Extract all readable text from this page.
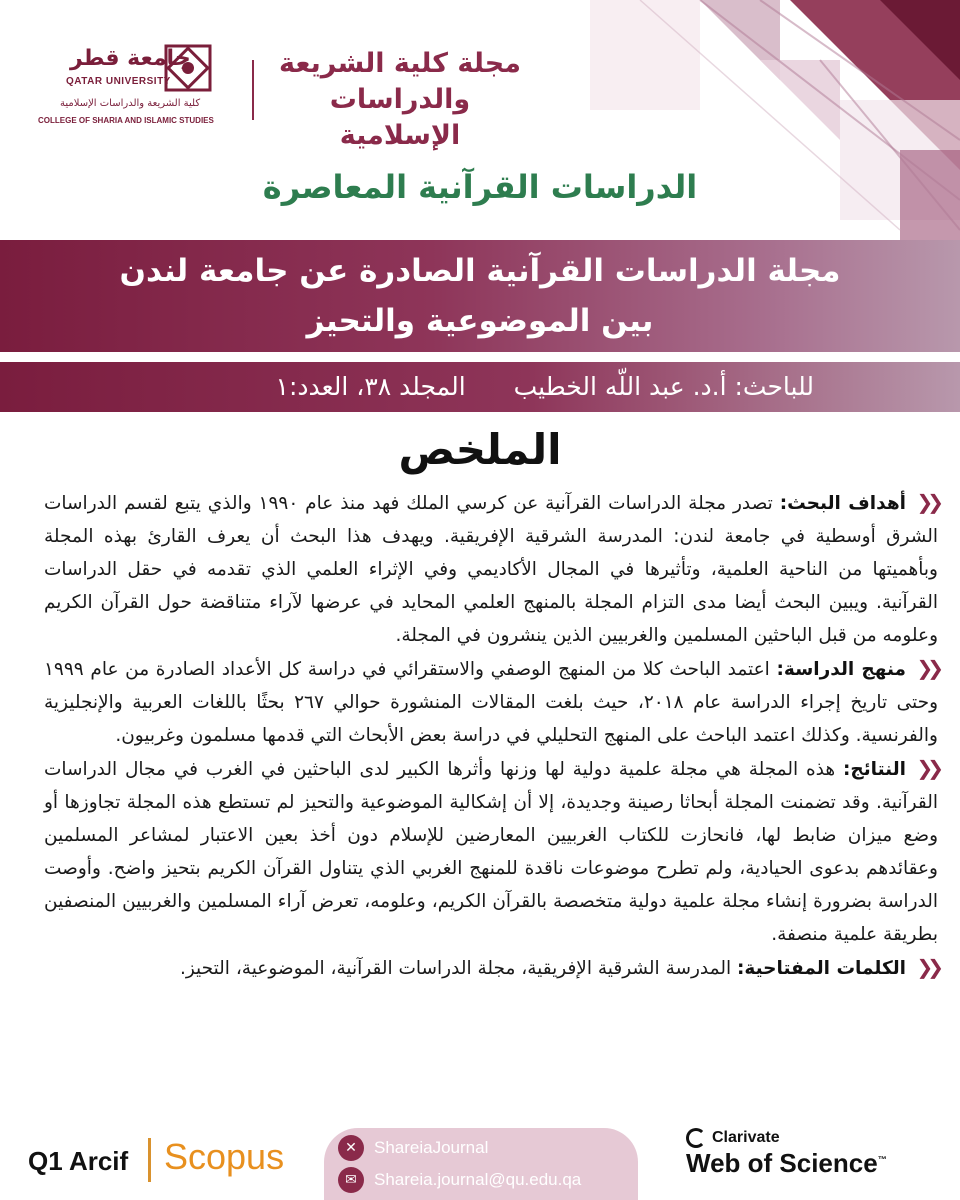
جامعة قطر
QATAR UNIVERSITY
كلية الشريعة والدراسات الإسلامية
COLLEGE OF SHARIA AND ISLAMIC STUDIES
مجلة كلية الشريعة
والدراسات الإسلامية
الدراسات القرآنية المعاصرة
مجلة الدراسات القرآنية الصادرة عن جامعة لندن
بين الموضوعية والتحيز
للباحث: أ.د. عبد اللّه الخطيب المجلد ٣٨، العدد:١
الملخص

❮❮أهداف البحث: تصدر مجلة الدراسات القرآنية عن كرسي الملك فهد منذ عام ١٩٩٠ والذي يتبع لقسم الدراسات الشرق أوسطية في جامعة لندن: المدرسة الشرقية الإفريقية. ويهدف هذا البحث أن يعرف القارئ بهذه المجلة وبأهميتها من الناحية العلمية، وتأثيرها في المجال الأكاديمي وفي الإثراء العلمي الذي تقدمه في حقل الدراسات القرآنية. ويبين البحث أيضا مدى التزام المجلة بالمنهج العلمي المحايد في عرضها لآراء متناقضة حول القرآن الكريم وعلومه من قبل الباحثين المسلمين والغربيين الذين ينشرون في المجلة.

❮❮منهج الدراسة: اعتمد الباحث كلا من المنهج الوصفي والاستقرائي في دراسة كل الأعداد الصادرة من عام ١٩٩٩ وحتى تاريخ إجراء الدراسة عام ٢٠١٨، حيث بلغت المقالات المنشورة حوالي ٢٦٧ بحثًا باللغات العربية والإنجليزية والفرنسية. وكذلك اعتمد الباحث على المنهج التحليلي في دراسة بعض الأبحاث التي قدمها مسلمون وغربيون.

❮❮النتائج: هذه المجلة هي مجلة علمية دولية لها وزنها وأثرها الكبير لدى الباحثين في الغرب في مجال الدراسات القرآنية. وقد تضمنت المجلة أبحاثا رصينة وجديدة، إلا أن إشكالية الموضوعية والتحيز لم تستطع هذه المجلة تجاوزها أو وضع ميزان ضابط لها، فانحازت للكتاب الغربيين المعارضين للإسلام دون أخذ بعين الاعتبار لمشاعر المسلمين وعقائدهم بدعوى الحيادية، ولم تطرح موضوعات ناقدة للمنهج الغربي الذي يتناول القرآن الكريم بتحيز واضح. وأوصت الدراسة بضرورة إنشاء مجلة علمية دولية متخصصة بالقرآن الكريم، وعلومه، تعرض آراء المسلمين والغربيين المنصفين بطريقة علمية منصفة.

❮❮الكلمات المفتاحية: المدرسة الشرقية الإفريقية، مجلة الدراسات القرآنية، الموضوعية، التحيز.

Q1 Arcif Scopus	✕	ShareiaJournal
✉	Shareia.journal@qu.edu.qa
Clarivate
Web of Science™
